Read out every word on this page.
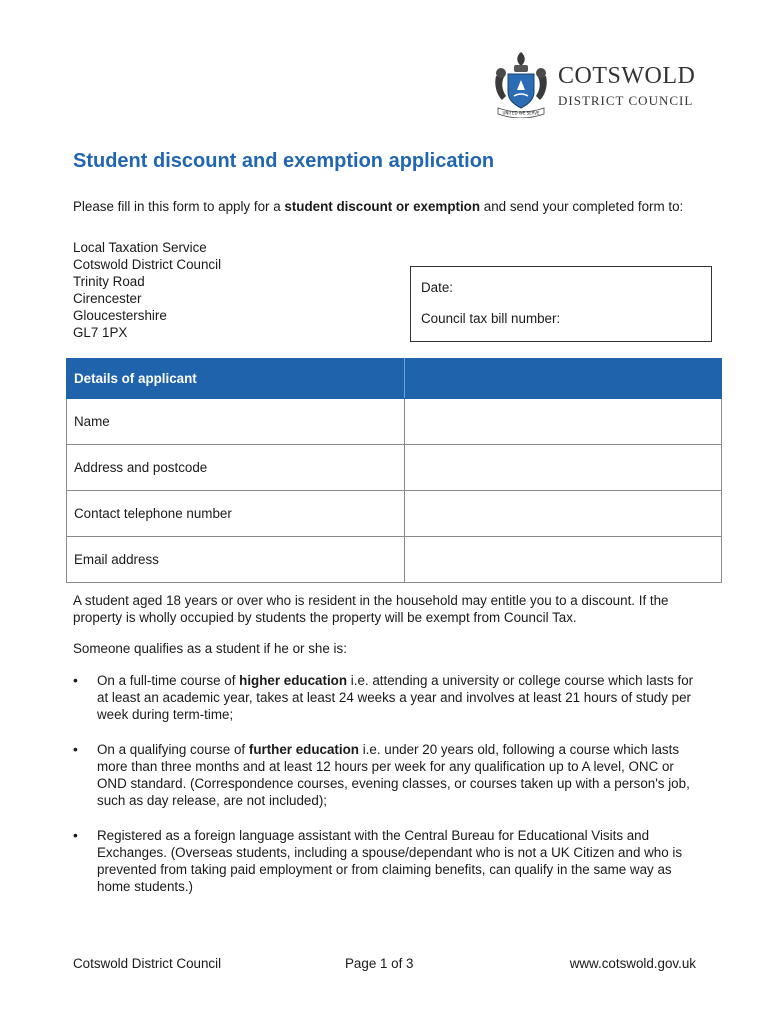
UNITED WE SERVE
COTSWOLD
DISTRICT COUNCIL
Student discount and exemption application

Please fill in this form to apply for a student discount or exemption and send your completed form to:

Local Taxation Service
Cotswold District Council
Trinity Road
Cirencester
Gloucestershire
GL7 1PX
Date:
Council tax bill number:
Details of applicant	
Name	
Address and postcode	
Contact telephone number	
Email address	

A student aged 18 years or over who is resident in the household may entitle you to a discount. If the property is wholly occupied by students the property will be exempt from Council Tax.

Someone qualifies as a student if he or she is:

• On a full-time course of higher education i.e. attending a university or college course which lasts for at least an academic year, takes at least 24 weeks a year and involves at least 21 hours of study per week during term-time;
• On a qualifying course of further education i.e. under 20 years old, following a course which lasts more than three months and at least 12 hours per week for any qualification up to A level, ONC or OND standard. (Correspondence courses, evening classes, or courses taken up with a person's job, such as day release, are not included);
• Registered as a foreign language assistant with the Central Bureau for Educational Visits and Exchanges. (Overseas students, including a spouse/dependant who is not a UK Citizen and who is prevented from taking paid employment or from claiming benefits, can qualify in the same way as home students.)
Cotswold District Council	Page 1 of 3	www.cotswold.gov.uk
